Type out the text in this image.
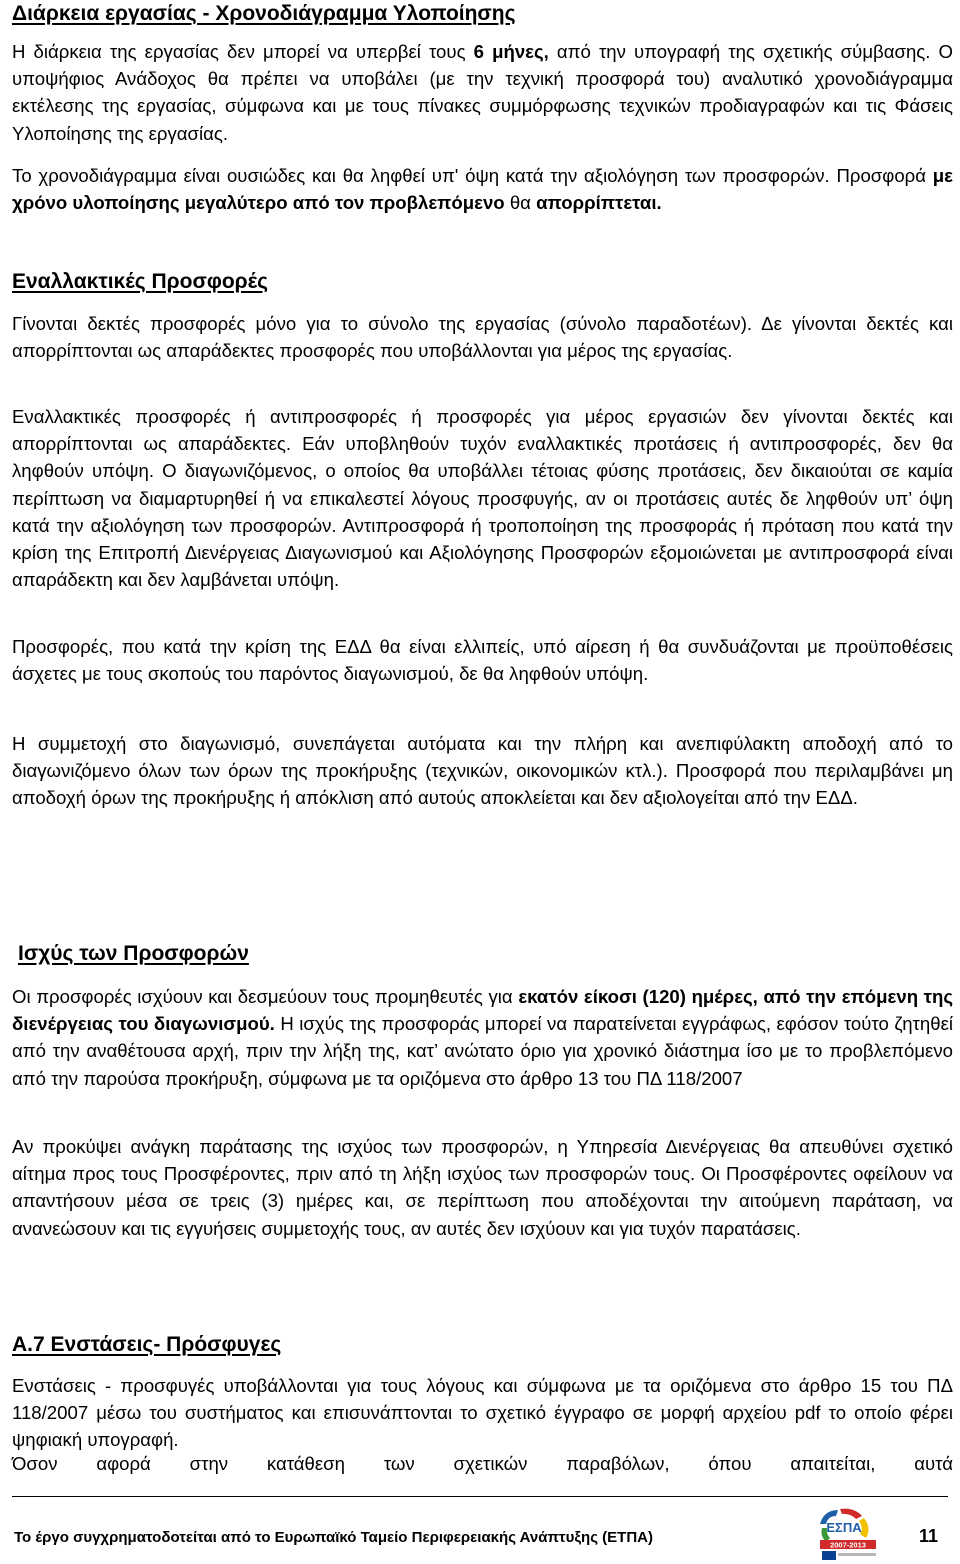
Διάρκεια εργασίας - Χρονοδιάγραμμα Υλοποίησης

Η διάρκεια της εργασίας δεν μπορεί να υπερβεί τους 6 μήνες, από την υπογραφή της σχετικής σύμβασης. Ο υποψήφιος Ανάδοχος θα πρέπει να υποβάλει (με την τεχνική προσφορά του) αναλυτικό χρονοδιάγραμμα εκτέλεσης της εργασίας, σύμφωνα και με τους πίνακες συμμόρφωσης τεχνικών προδιαγραφών και τις Φάσεις Υλοποίησης της εργασίας.

Το χρονοδιάγραμμα είναι ουσιώδες και θα ληφθεί υπ' όψη κατά την αξιολόγηση των προσφορών. Προσφορά με χρόνο υλοποίησης μεγαλύτερο από τον προβλεπόμενο θα απορρίπτεται.

Εναλλακτικές Προσφορές

Γίνονται δεκτές προσφορές μόνο για το σύνολο της εργασίας (σύνολο παραδοτέων). Δε γίνονται δεκτές και απορρίπτονται ως απαράδεκτες προσφορές που υποβάλλονται για μέρος της εργασίας.

Εναλλακτικές προσφορές ή αντιπροσφορές ή προσφορές για μέρος εργασιών δεν γίνονται δεκτές και απορρίπτονται ως απαράδεκτες. Εάν υποβληθούν τυχόν εναλλακτικές προτάσεις ή αντιπροσφορές, δεν θα ληφθούν υπόψη. Ο διαγωνιζόμενος, ο οποίος θα υποβάλλει τέτοιας φύσης προτάσεις, δεν δικαιούται σε καμία περίπτωση να διαμαρτυρηθεί ή να επικαλεστεί λόγους προσφυγής, αν οι προτάσεις αυτές δε ληφθούν υπ’ όψη κατά την αξιολόγηση των προσφορών. Αντιπροσφορά ή τροποποίηση της προσφοράς ή πρόταση που κατά την κρίση της Επιτροπή Διενέργειας Διαγωνισμού και Αξιολόγησης Προσφορών εξομοιώνεται με αντιπροσφορά είναι απαράδεκτη και δεν λαμβάνεται υπόψη.

Προσφορές, που κατά την κρίση της ΕΔΔ θα είναι ελλιπείς, υπό αίρεση ή θα συνδυάζονται με προϋποθέσεις άσχετες με τους σκοπούς του παρόντος διαγωνισμού, δε θα ληφθούν υπόψη.

Η συμμετοχή στο διαγωνισμό, συνεπάγεται αυτόματα και την πλήρη και ανεπιφύλακτη αποδοχή από το διαγωνιζόμενο όλων των όρων της προκήρυξης (τεχνικών, οικονομικών κτλ.). Προσφορά που περιλαμβάνει μη αποδοχή όρων της προκήρυξης ή απόκλιση από αυτούς αποκλείεται και δεν αξιολογείται από την ΕΔΔ.

Ισχύς των Προσφορών

Οι προσφορές ισχύουν και δεσμεύουν τους προμηθευτές για εκατόν είκοσι (120) ημέρες, από την επόμενη της διενέργειας του διαγωνισμού. Η ισχύς της προσφοράς μπορεί να παρατείνεται εγγράφως, εφόσον τούτο ζητηθεί από την αναθέτουσα αρχή, πριν την λήξη της, κατ’ ανώτατο όριο για χρονικό διάστημα ίσο με το προβλεπόμενο από την παρούσα προκήρυξη, σύμφωνα με τα οριζόμενα στο άρθρο 13 του ΠΔ 118/2007

Αν προκύψει ανάγκη παράτασης της ισχύος των προσφορών, η Υπηρεσία Διενέργειας θα απευθύνει σχετικό αίτημα προς τους Προσφέροντες, πριν από τη λήξη ισχύος των προσφορών τους. Οι Προσφέροντες οφείλουν να απαντήσουν μέσα σε τρεις (3) ημέρες και, σε περίπτωση που αποδέχονται την αιτούμενη παράταση, να ανανεώσουν και τις εγγυήσεις συμμετοχής τους, αν αυτές δεν ισχύουν και για τυχόν παρατάσεις.

Α.7 Ενστάσεις- Πρόσφυγες

Ενστάσεις - προσφυγές υποβάλλονται για τους λόγους και σύμφωνα με τα οριζόμενα στο άρθρο 15 του ΠΔ 118/2007 μέσω του συστήματος και επισυνάπτονται το σχετικό έγγραφο σε μορφή αρχείου pdf το οποίο φέρει ψηφιακή υπογραφή.

Όσον αφορά στην κατάθεση των σχετικών παραβόλων, όπου απαιτείται, αυτά

Το έργο συγχρηματοδοτείται από το Ευρωπαϊκό Ταμείο Περιφερειακής Ανάπτυξης (ΕΤΠΑ)
ΕΣΠΑ
2007-2013	11
